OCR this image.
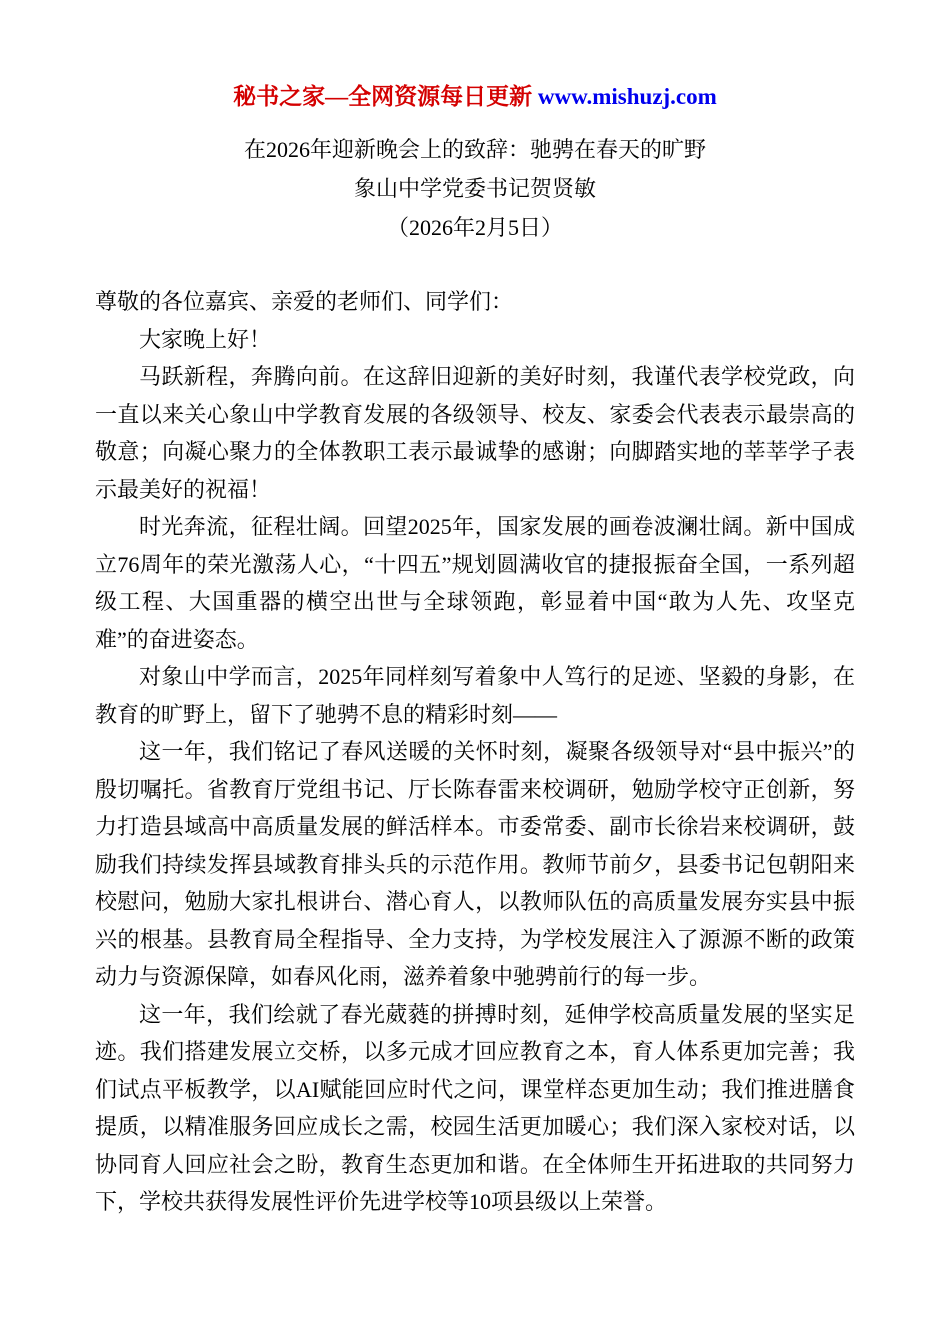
秘书之家—全网资源每日更新 www.mishuzj.com
在2026年迎新晚会上的致辞：驰骋在春天的旷野
象山中学党委书记贺贤敏
（2026年2月5日）

尊敬的各位嘉宾、亲爱的老师们、同学们：

大家晚上好！

马跃新程，奔腾向前。在这辞旧迎新的美好时刻，我谨代表学校党政，向一直以来关心象山中学教育发展的各级领导、校友、家委会代表表示最崇高的敬意；向凝心聚力的全体教职工表示最诚挚的感谢；向脚踏实地的莘莘学子表示最美好的祝福！

时光奔流，征程壮阔。回望2025年，国家发展的画卷波澜壮阔。新中国成立76周年的荣光激荡人心，“十四五”规划圆满收官的捷报振奋全国，一系列超级工程、大国重器的横空出世与全球领跑，彰显着中国“敢为人先、攻坚克难”的奋进姿态。

对象山中学而言，2025年同样刻写着象中人笃行的足迹、坚毅的身影，在教育的旷野上，留下了驰骋不息的精彩时刻——

这一年，我们铭记了春风送暖的关怀时刻，凝聚各级领导对“县中振兴”的殷切嘱托。省教育厅党组书记、厅长陈春雷来校调研，勉励学校守正创新，努力打造县域高中高质量发展的鲜活样本。市委常委、副市长徐岩来校调研，鼓励我们持续发挥县域教育排头兵的示范作用。教师节前夕，县委书记包朝阳来校慰问，勉励大家扎根讲台、潜心育人，以教师队伍的高质量发展夯实县中振兴的根基。县教育局全程指导、全力支持，为学校发展注入了源源不断的政策动力与资源保障，如春风化雨，滋养着象中驰骋前行的每一步。

这一年，我们绘就了春光葳蕤的拼搏时刻，延伸学校高质量发展的坚实足迹。我们搭建发展立交桥，以多元成才回应教育之本，育人体系更加完善；我们试点平板教学，以AI赋能回应时代之问，课堂样态更加生动；我们推进膳食提质，以精准服务回应成长之需，校园生活更加暖心；我们深入家校对话，以协同育人回应社会之盼，教育生态更加和谐。在全体师生开拓进取的共同努力下，学校共获得发展性评价先进学校等10项县级以上荣誉。
